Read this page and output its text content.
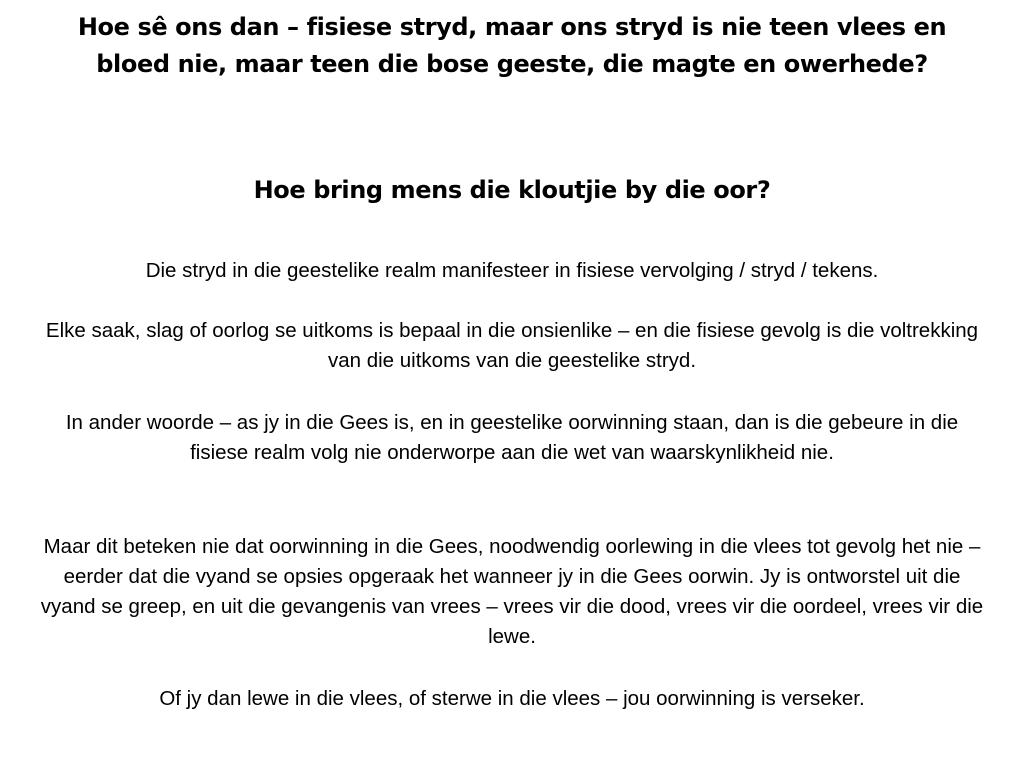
Hoe sê ons dan – fisiese stryd, maar ons stryd is nie teen vlees en bloed nie, maar teen die bose geeste, die magte en owerhede?
Hoe bring mens die kloutjie by die oor?

Die stryd in die geestelike realm manifesteer in fisiese vervolging / stryd / tekens.

Elke saak, slag of oorlog se uitkoms is bepaal in die onsienlike – en die fisiese gevolg is die voltrekking van die uitkoms van die geestelike stryd.

In ander woorde – as jy in die Gees is, en in geestelike oorwinning staan, dan is die gebeure in die fisiese realm volg nie onderworpe aan die wet van waarskynlikheid nie.

Maar dit beteken nie dat oorwinning in die Gees, noodwendig oorlewing in die vlees tot gevolg het nie – eerder dat die vyand se opsies opgeraak het wanneer jy in die Gees oorwin. Jy is ontworstel uit die vyand se greep, en uit die gevangenis van vrees – vrees vir die dood, vrees vir die oordeel, vrees vir die lewe.

Of jy dan lewe in die vlees, of sterwe in die vlees – jou oorwinning is verseker.
